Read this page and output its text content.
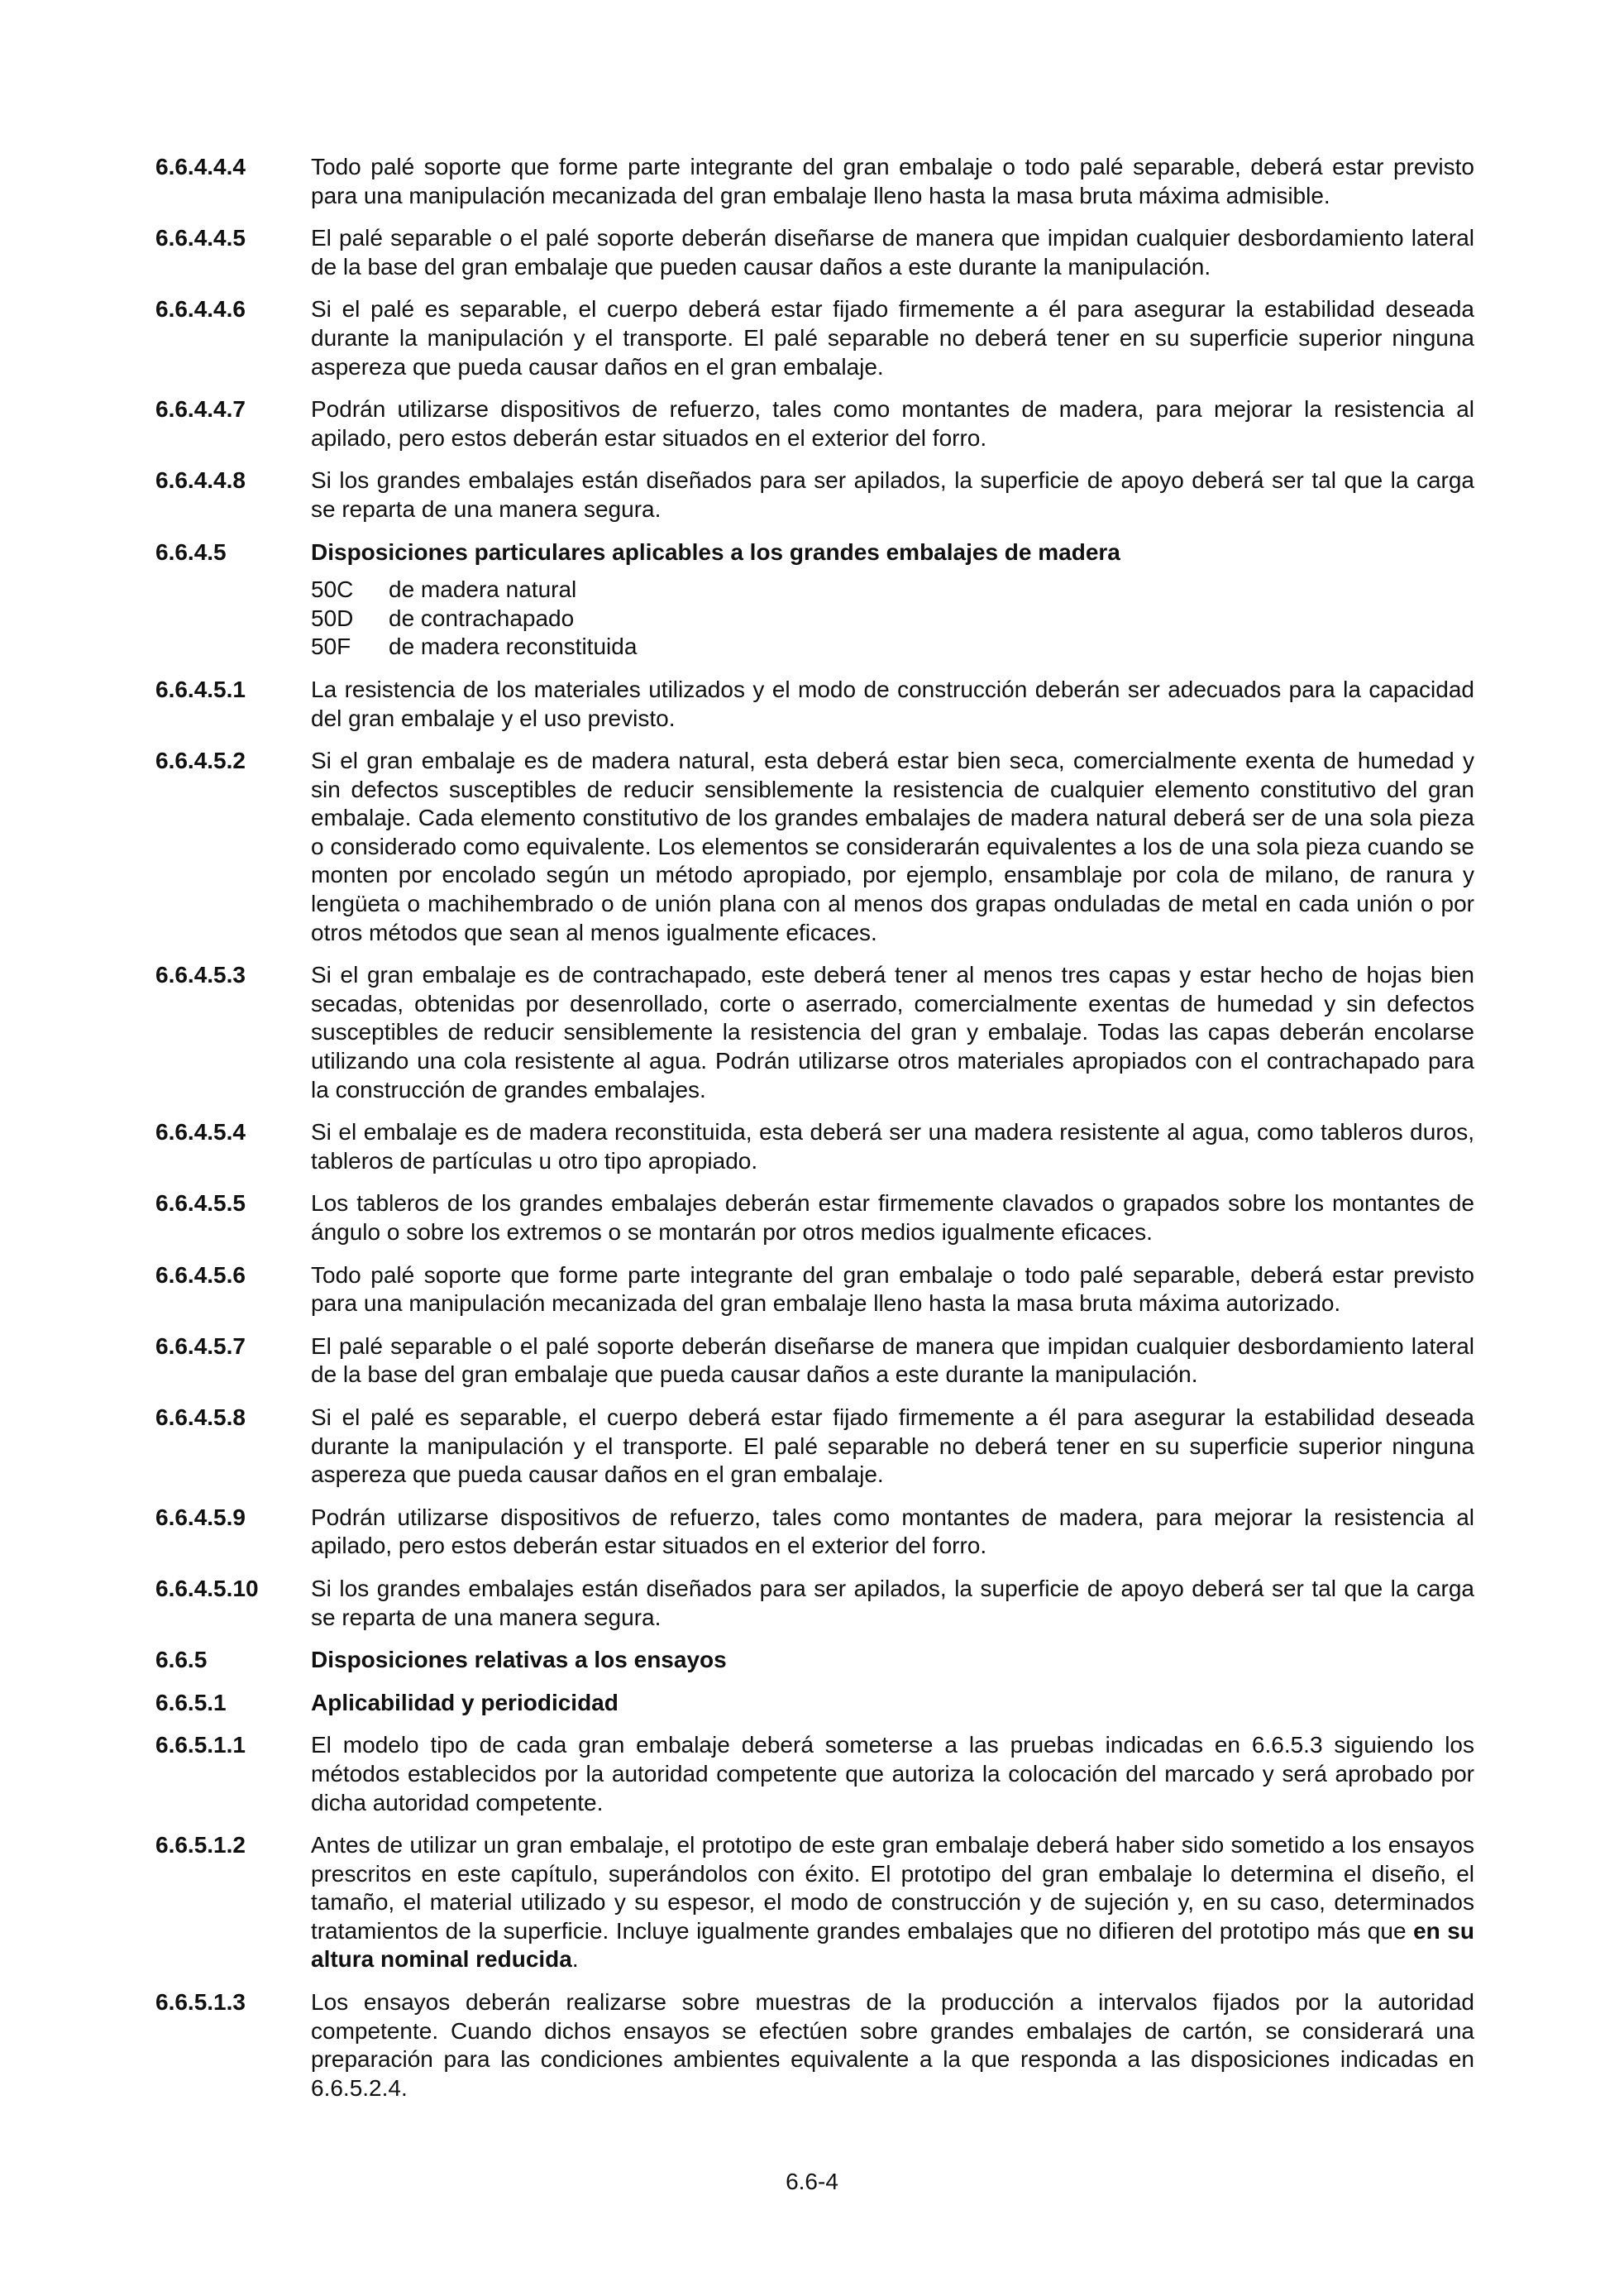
6.6.4.4.4	Todo palé soporte que forme parte integrante del gran embalaje o todo palé separable, deberá estar previsto para una manipulación mecanizada del gran embalaje lleno hasta la masa bruta máxima admisible.
6.6.4.4.5	El palé separable o el palé soporte deberán diseñarse de manera que impidan cualquier desbordamiento lateral de la base del gran embalaje que pueden causar daños a este durante la manipulación.
6.6.4.4.6	Si el palé es separable, el cuerpo deberá estar fijado firmemente a él para asegurar la estabilidad deseada durante la manipulación y el transporte. El palé separable no deberá tener en su superficie superior ninguna aspereza que pueda causar daños en el gran embalaje.
6.6.4.4.7	Podrán utilizarse dispositivos de refuerzo, tales como montantes de madera, para mejorar la resistencia al apilado, pero estos deberán estar situados en el exterior del forro.
6.6.4.4.8	Si los grandes embalajes están diseñados para ser apilados, la superficie de apoyo deberá ser tal que la carga se reparta de una manera segura.
6.6.4.5	Disposiciones particulares aplicables a los grandes embalajes de madera
50C	de madera natural
50D	de contrachapado
50F	de madera reconstituida
6.6.4.5.1	La resistencia de los materiales utilizados y el modo de construcción deberán ser adecuados para la capacidad del gran embalaje y el uso previsto.
6.6.4.5.2	Si el gran embalaje es de madera natural, esta deberá estar bien seca, comercialmente exenta de humedad y sin defectos susceptibles de reducir sensiblemente la resistencia de cualquier elemento constitutivo del gran embalaje. Cada elemento constitutivo de los grandes embalajes de madera natural deberá ser de una sola pieza o considerado como equivalente. Los elementos se considerarán equivalentes a los de una sola pieza cuando se monten por encolado según un método apropiado, por ejemplo, ensamblaje por cola de milano, de ranura y lengüeta o machihembrado o de unión plana con al menos dos grapas onduladas de metal en cada unión o por otros métodos que sean al menos igualmente eficaces.
6.6.4.5.3	Si el gran embalaje es de contrachapado, este deberá tener al menos tres capas y estar hecho de hojas bien secadas, obtenidas por desenrollado, corte o aserrado, comercialmente exentas de humedad y sin defectos susceptibles de reducir sensiblemente la resistencia del gran y embalaje. Todas las capas deberán encolarse utilizando una cola resistente al agua. Podrán utilizarse otros materiales apropiados con el contrachapado para la construcción de grandes embalajes.
6.6.4.5.4	Si el embalaje es de madera reconstituida, esta deberá ser una madera resistente al agua, como tableros duros, tableros de partículas u otro tipo apropiado.
6.6.4.5.5	Los tableros de los grandes embalajes deberán estar firmemente clavados o grapados sobre los montantes de ángulo o sobre los extremos o se montarán por otros medios igualmente eficaces.
6.6.4.5.6	Todo palé soporte que forme parte integrante del gran embalaje o todo palé separable, deberá estar previsto para una manipulación mecanizada del gran embalaje lleno hasta la masa bruta máxima autorizado.
6.6.4.5.7	El palé separable o el palé soporte deberán diseñarse de manera que impidan cualquier desbordamiento lateral de la base del gran embalaje que pueda causar daños a este durante la manipulación.
6.6.4.5.8	Si el palé es separable, el cuerpo deberá estar fijado firmemente a él para asegurar la estabilidad deseada durante la manipulación y el transporte. El palé separable no deberá tener en su superficie superior ninguna aspereza que pueda causar daños en el gran embalaje.
6.6.4.5.9	Podrán utilizarse dispositivos de refuerzo, tales como montantes de madera, para mejorar la resistencia al apilado, pero estos deberán estar situados en el exterior del forro.
6.6.4.5.10	Si los grandes embalajes están diseñados para ser apilados, la superficie de apoyo deberá ser tal que la carga se reparta de una manera segura.
6.6.5	Disposiciones relativas a los ensayos
6.6.5.1	Aplicabilidad y periodicidad
6.6.5.1.1	El modelo tipo de cada gran embalaje deberá someterse a las pruebas indicadas en 6.6.5.3 siguiendo los métodos establecidos por la autoridad competente que autoriza la colocación del marcado y será aprobado por dicha autoridad competente.
6.6.5.1.2	Antes de utilizar un gran embalaje, el prototipo de este gran embalaje deberá haber sido sometido a los ensayos prescritos en este capítulo, superándolos con éxito. El prototipo del gran embalaje lo determina el diseño, el tamaño, el material utilizado y su espesor, el modo de construcción y de sujeción y, en su caso, determinados tratamientos de la superficie. Incluye igualmente grandes embalajes que no difieren del prototipo más que en su altura nominal reducida.
6.6.5.1.3	Los ensayos deberán realizarse sobre muestras de la producción a intervalos fijados por la autoridad competente. Cuando dichos ensayos se efectúen sobre grandes embalajes de cartón, se considerará una preparación para las condiciones ambientes equivalente a la que responda a las disposiciones indicadas en 6.6.5.2.4.
6.6-4
